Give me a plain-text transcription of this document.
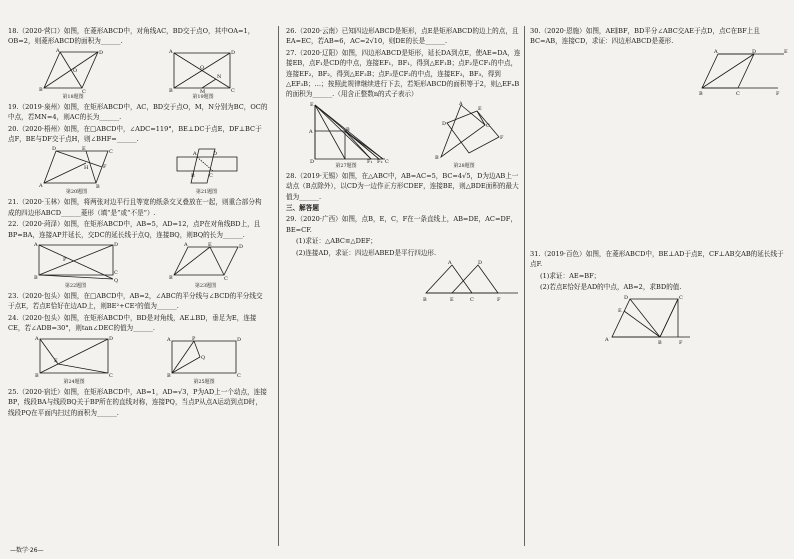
18.（2020·营口）如图，在菱形ABCD中，对角线AC，BD交于点O，其中OA=1，OB=2，则菱形ABCD的面积为______.
A	D
B	C
O
第18题图
A	D
B	C
O
M
N
第19题图
19.（2019·泉州）如图，在矩形ABCD中，AC，BD交于点O，M，N分别为BC，OC的中点，若MN=4，则AC的长为______.
20.（2020·梧州）如图，在□ABCD中，∠ADC=119°，BE⊥DC于点E，DF⊥BC于点F，BE与DF交于点H，则∠BHF=______.
D	E	C
A	B
F
H
第20题图
A	D
B	C
第21题图
21.（2020·玉林）如图，将两张对边平行且等宽的纸条交叉叠放在一起，则重合部分构成的四边形ABCD______菱形（填“是”或“不是”）.
22.（2020·菏泽）如图，在矩形ABCD中，AB=5，AD=12，点P在对角线BD上，且BP=BA，连接AP并延长，交DC的延长线于点Q，连接BQ，则BQ的长为______.
A	D
B
C
Q
P
第22题图
A	E	D
B	C
第23题图
23.（2020·包头）如图，在□ABCD中，AB=2，∠ABC的平分线与∠BCD的平分线交于点E，若点E恰好在边AD上，则BE²+CE²的值为______.
24.（2020·包头）如图，在矩形ABCD中，BD是对角线，AE⊥BD，垂足为E，连接CE，若∠ADB=30°，则tan∠DEC的值为______.
A	D
B	C
E
第24题图
A	P	D
B	C
Q
第25题图
25.（2020·宿迁）如图，在矩形ABCD中，AB=1，AD=√3，P为AD上一个动点，连接BP，线段BA与线段BQ关于BP所在的直线对称，连接PQ，当点P从点A运动到点D时，线段PQ在平面内扫过的面积为______.
26.（2020·云南）已知四边形ABCD是矩形，点E是矩形ABCD的边上的点，且EA=EC，若AB=6，AC=2√10，则DE的长是______.
27.（2020·辽阳）如图，四边形ABCD是矩形，延长DA到点E，使AE=DA，连接EB，点F₁是CD的中点，连接EF₁，BF₁，得到△EF₁B；点F₂是CF₁的中点，连接EF₂，BF₂，得到△EF₂B；点F₃是CF₂的中点，连接EF₃，BF₃，得到△EF₃B；…；按照此规律继续进行下去，若矩形ABCD的面积等于2，则△EFₙB的面积为______.（用含正整数n的式子表示）
E
A	B
D	F₁ F₂ C
第27题图
A
C
B
D
E
F
第28题图
28.（2019·无锡）如图，在△ABC中，AB=AC=5，BC=4√5，D为边AB上一动点（B点除外），以CD为一边作正方形CDEF，连接BE，则△BDE面积的最大值为______.
三、解答题
29.（2020·广西）如图，点B，E，C，F在一条直线上，AB=DE，AC=DF，BE=CF.
(1)求证：△ABC≌△DEF；
(2)连接AD，求证：四边形ABED是平行四边形.
A	D
B	E	C	F
30.（2020·恩施）如图，AE∥BF，BD平分∠ABC交AE于点D，点C在BF上且BC=AB，连接CD，求证：四边形ABCD是菱形.
A	D	E
B	C	F
31.（2019·百色）如图，在菱形ABCD中，BE⊥AD于点E，CF⊥AB交AB的延长线于点F.
(1)求证：AE=BF；
(2)若点E恰好是AD的中点，AB=2，求BD的值.
D	C
E
A	B	F
—数学·26—
